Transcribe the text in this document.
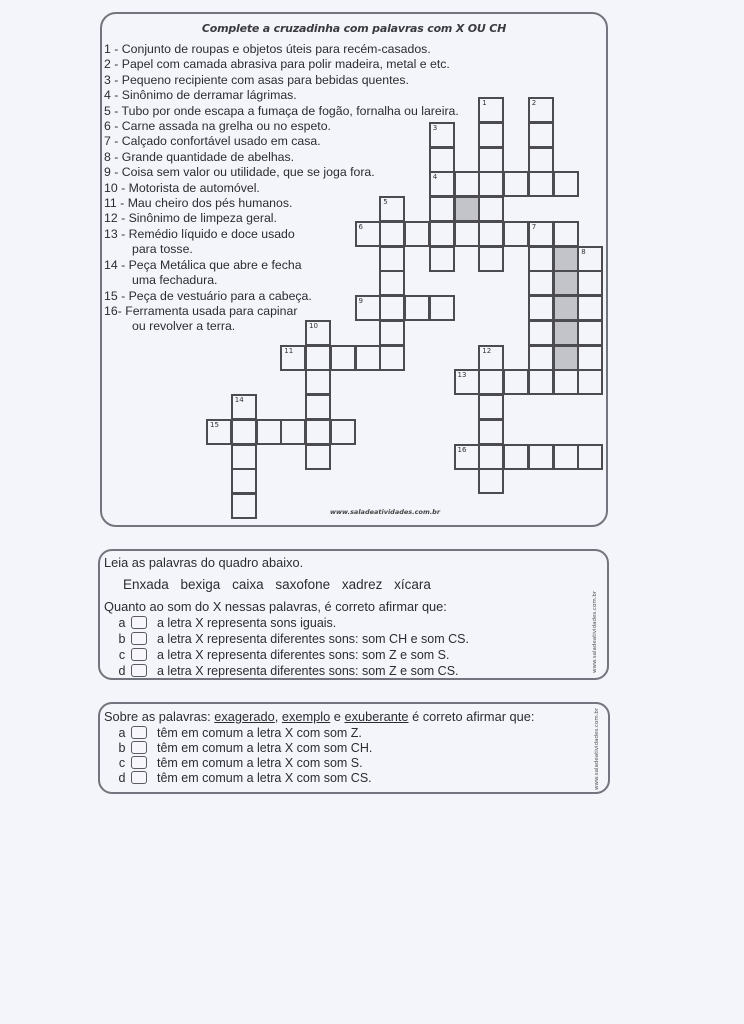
Complete a cruzadinha com palavras com X OU CH
1 - Conjunto de roupas e objetos úteis para recém-casados.
2 - Papel com camada abrasiva para polir madeira, metal e etc.
3 - Pequeno recipiente com asas para bebidas quentes.
4 - Sinônimo de derramar lágrimas.
5 - Tubo por onde escapa a fumaça de fogão, fornalha ou lareira.
6 - Carne assada na grelha ou no espeto.
7 - Calçado confortável usado em casa.
8 - Grande quantidade de abelhas.
9 - Coisa sem valor ou utilidade, que se joga fora.
10 - Motorista de automóvel.
11 - Mau cheiro dos pés humanos.
12 - Sinônimo de limpeza geral.
13 - Remédio líquido e doce usado
para tosse.
14 - Peça Metálica que abre e fecha
uma fechadura.
15 - Peça de vestuário para a cabeça.
16- Ferramenta usada para capinar
ou revolver a terra.
www.saladeatividades.com.br
1	2
3
4
5
6	7
8
9
10
11	12
13
14
15
16
Leia as palavras do quadro abaixo.
Enxada bexiga caixa saxofone xadrez xícara
Quanto ao som do X nessas palavras, é correto afirmar que:
a	a letra X representa sons iguais.
b	a letra X representa diferentes sons: som CH e som CS.
c	a letra X representa diferentes sons: som Z e som S.
d	a letra X representa diferentes sons: som Z e som CS.	www.saladeatividades.com.br
Sobre as palavras: exagerado, exemplo e exuberante é correto afirmar que:
a	têm em comum a letra X com som Z.
b	têm em comum a letra X com som CH.
c	têm em comum a letra X com som S.
d	têm em comum a letra X com som CS.	www.saladeatividades.com.br
